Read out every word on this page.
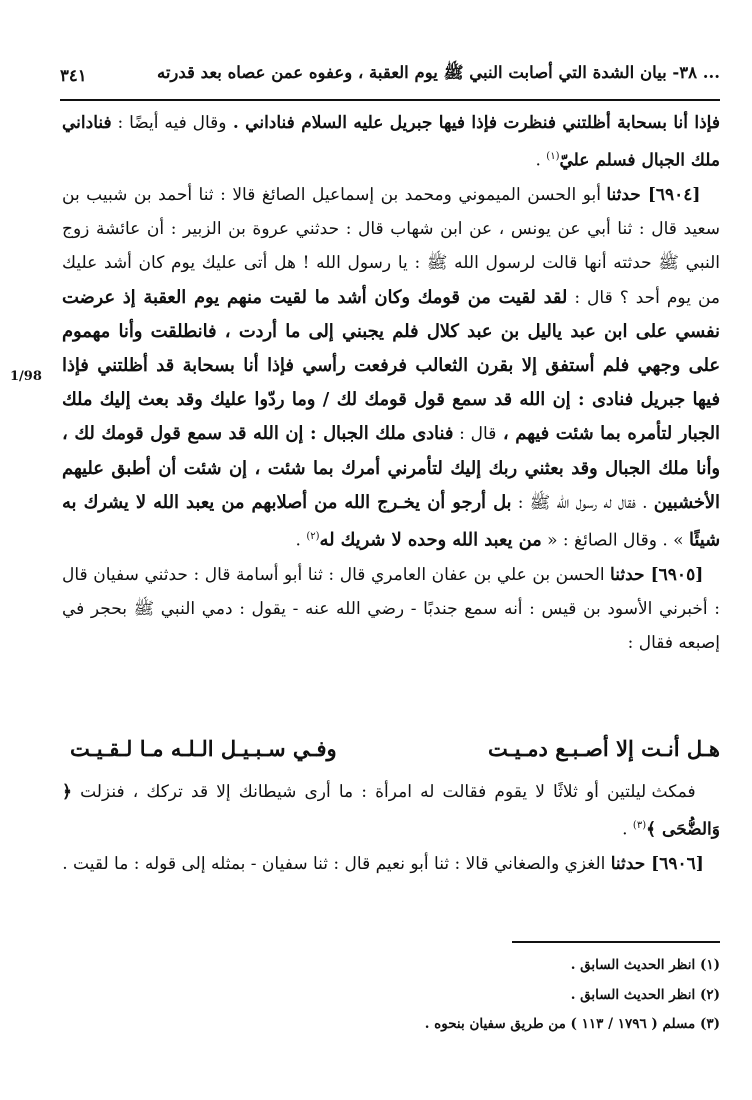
٣٨- بيان الشدة التي أصابت النبي ﷺ يوم العقبة ، وعفوه عمن عصاه بعد قدرته ...
٣٤١
1/98

فإذا أنا بسحابة أظلتني فنظرت فإذا فيها جبريل عليه السلام فناداني . وقال فيه أيضًا : فناداني ملك الجبال فسلم عليّ$^{(١)}$ .

[٦٩٠٤] حدثنا أبو الحسن الميموني ومحمد بن إسماعيل الصائغ قالا : ثنا أحمد بن شبيب بن سعيد قال : ثنا أبي عن يونس ، عن ابن شهاب قال : حدثني عروة بن الزبير : أن عائشة زوج النبي ﷺ حدثته أنها قالت لرسول الله ﷺ : يا رسول الله ! هل أتى عليك يوم كان أشد عليك من يوم أحد ؟ قال : لقد لقيت من قومك وكان أشد ما لقيت منهم يوم العقبة إذ عرضت نفسي على ابن عبد ياليل بن عبد كلال فلم يجبني إلى ما أردت ، فانطلقت وأنا مهموم على وجهي فلم أستفق إلا بقرن الثعالب فرفعت رأسي فإذا أنا بسحابة قد أظلتني فإذا فيها جبريل فنادى : إن الله قد سمع قول قومك لك / وما ردّوا عليك وقد بعث إليك ملك الجبار لتأمره بما شئت فيهم ، قال : فنادى ملك الجبال : إن الله قد سمع قول قومك لك ، وأنا ملك الجبال وقد بعثني ربك إليك لتأمرني أمرك بما شئت ، إن شئت أن أطبق عليهم الأخشبين . فقال له رسول الله ﷺ : بل أرجو أن يخـرج الله من أصلابهم من يعبد الله لا يشرك به شيئًا » . وقال الصائغ : « من يعبد الله وحده لا شريك له$^{(٢)}$ .

[٦٩٠٥] حدثنا الحسن بن علي بن عفان العامري قال : ثنا أبو أسامة قال : حدثني سفيان قال : أخبرني الأسود بن قيس : أنه سمع جندبًا - رضي الله عنه - يقول : دمي النبي ﷺ بحجر في إصبعه فقال :

هـل أنـت إلا أصـبـع دمـيـت
وفـي سـبـيـل الـلـه مـا لـقـيـت

فمكث ليلتين أو ثلاثًا لا يقوم فقالت له امرأة : ما أرى شيطانك إلا قد تركك ، فنزلت ﴿ وَالضُّحَى ﴾$^{(٣)}$ .

[٦٩٠٦] حدثنا الغزي والصغاني قالا : ثنا أبو نعيم قال : ثنا سفيان - بمثله إلى قوله : ما لقيت .

(١) انظر الحديث السابق .
(٢) انظر الحديث السابق .
(٣) مسلم ( ١٧٩٦ / ١١٣ ) من طريق سفيان بنحوه .
